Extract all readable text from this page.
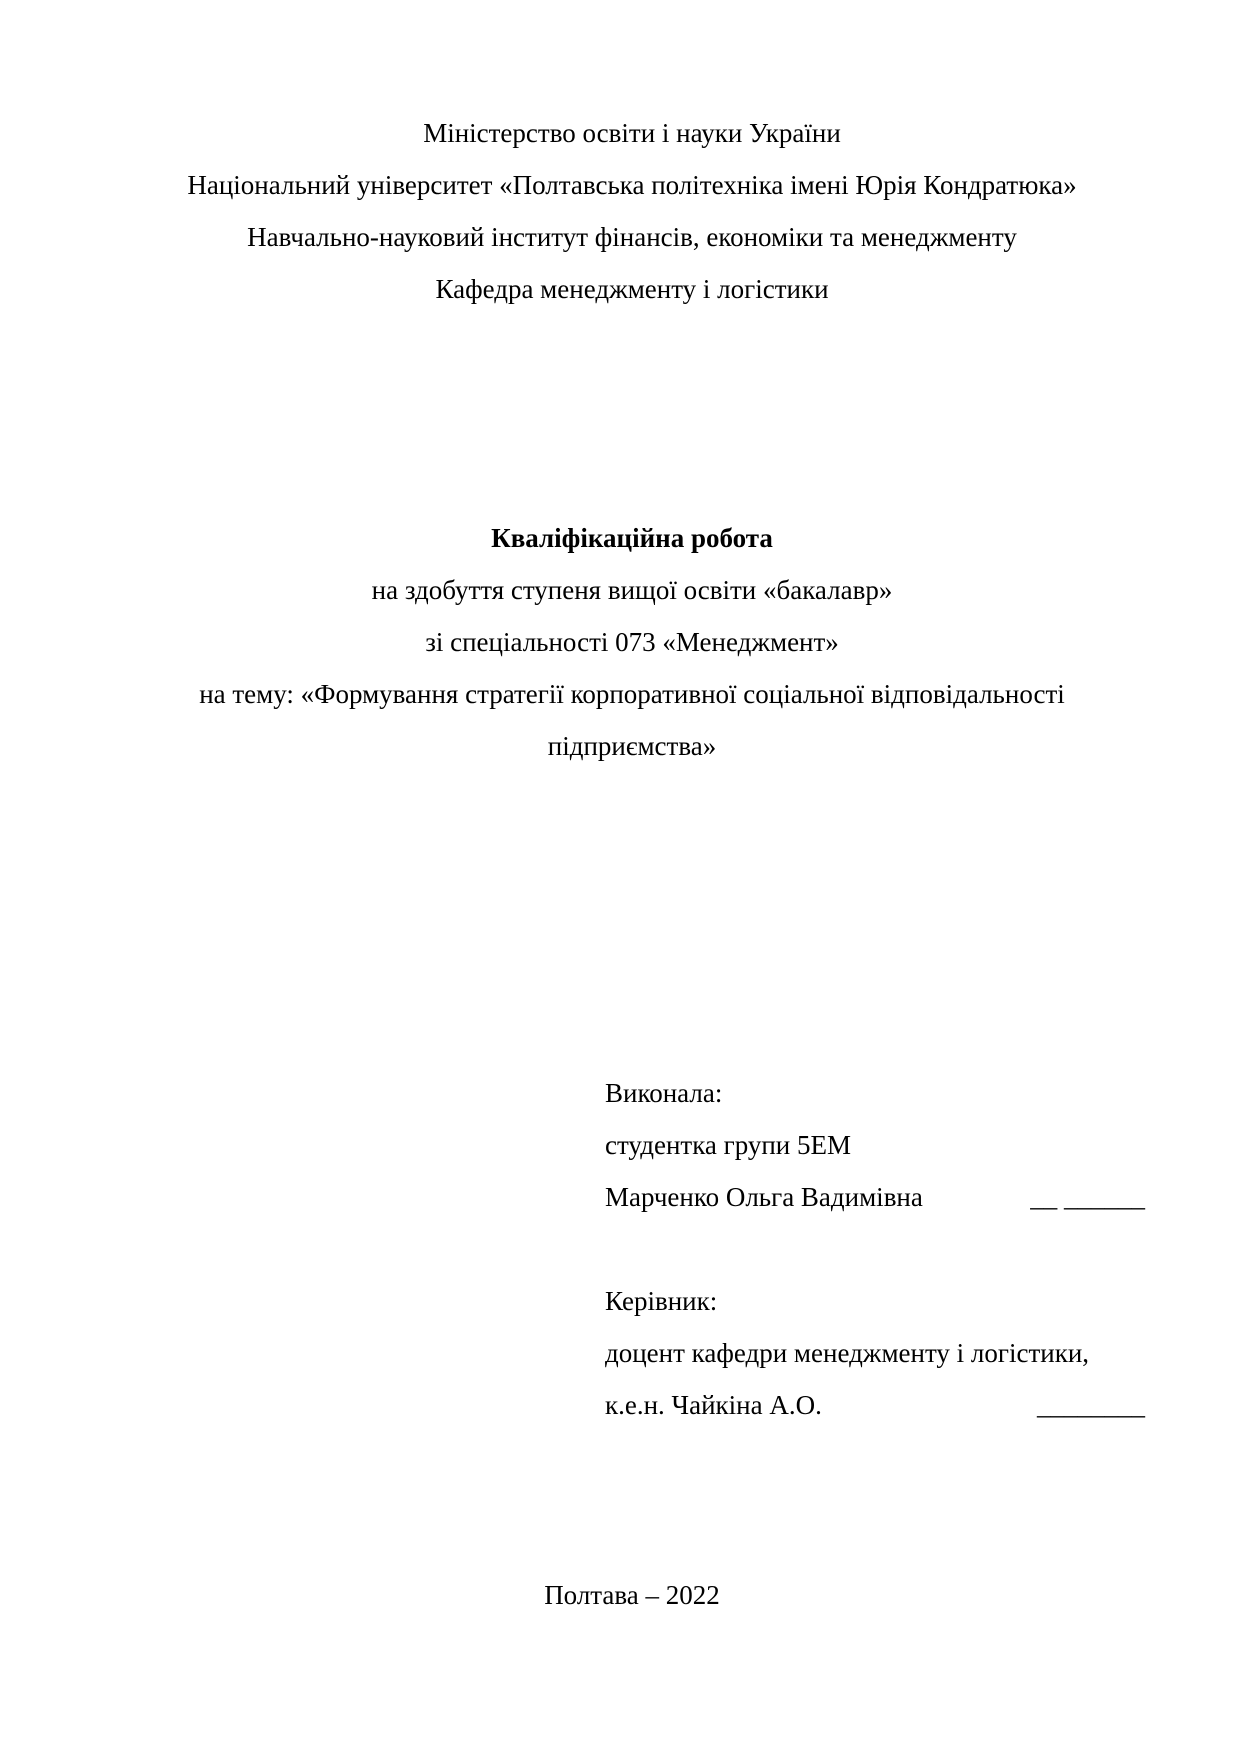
Міністерство освіти і науки України
Національний університет «Полтавська політехніка імені Юрія Кондратюка»
Навчально-науковий інститут фінансів, економіки та менеджменту
Кафедра менеджменту і логістики
Кваліфікаційна робота
на здобуття ступеня вищої освіти «бакалавр»
зі спеціальності 073 «Менеджмент»
на тему: «Формування стратегії корпоративної соціальної відповідальності
підприємства»
Виконала:
студентка групи 5ЕМ
Марченко Ольга Вадимівна	__ ______
Керівник:
доцент кафедри менеджменту і логістики,
к.е.н. Чайкіна А.О.	________
Полтава – 2022
